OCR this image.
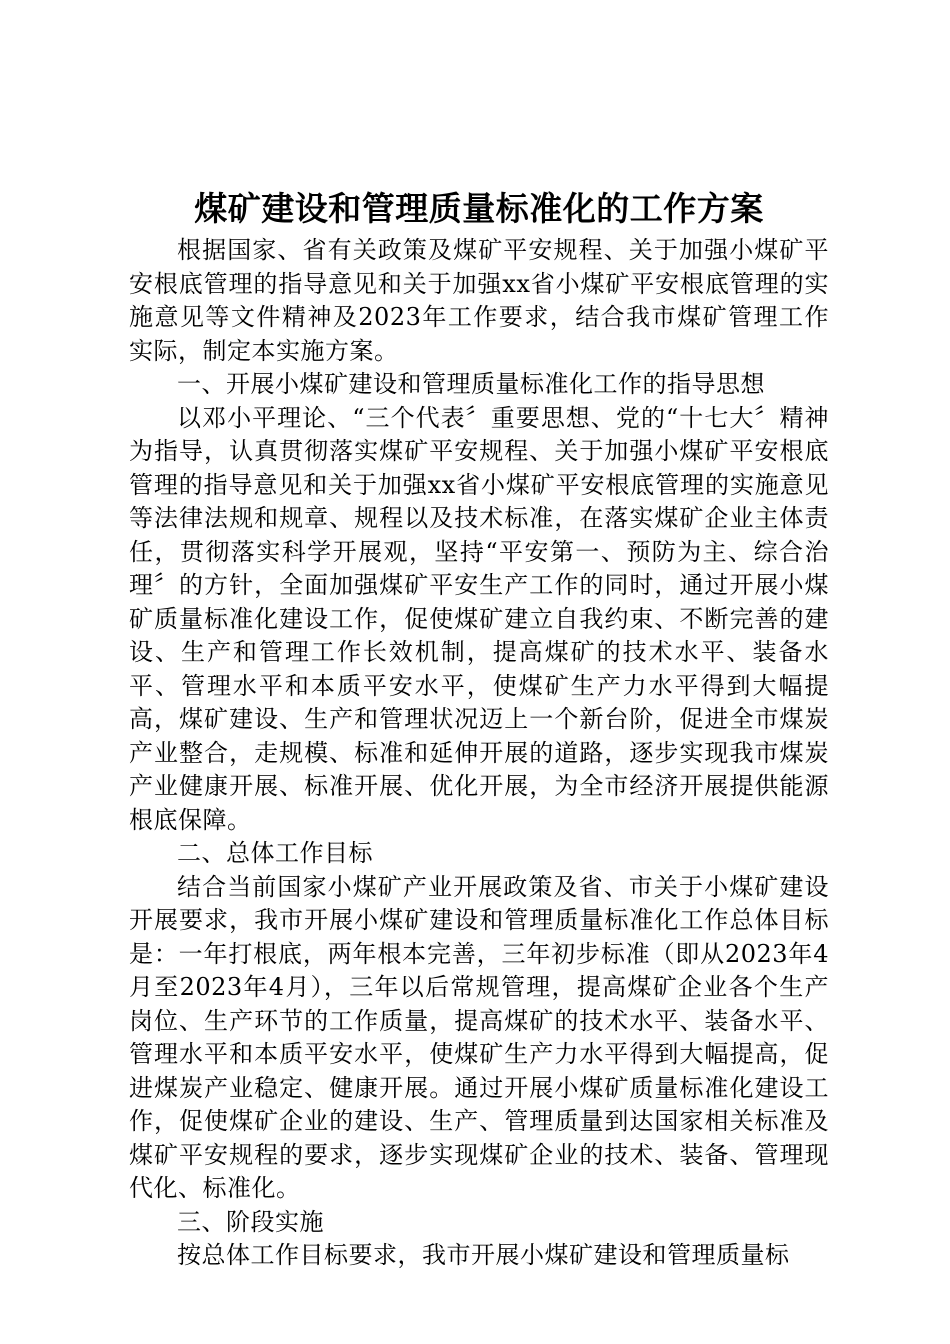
煤矿建设和管理质量标准化的工作方案

根据国家、省有关政策及煤矿平安规程、关于加强小煤矿平安根底管理的指导意见和关于加强xx省小煤矿平安根底管理的实施意见等文件精神及2023年工作要求，结合我市煤矿管理工作实际，制定本实施方案。

一、开展小煤矿建设和管理质量标准化工作的指导思想

以邓小平理论、“三个代表〞重要思想、党的“十七大〞精神为指导，认真贯彻落实煤矿平安规程、关于加强小煤矿平安根底管理的指导意见和关于加强xx省小煤矿平安根底管理的实施意见等法律法规和规章、规程以及技术标准，在落实煤矿企业主体责任，贯彻落实科学开展观，坚持“平安第一、预防为主、综合治理〞的方针，全面加强煤矿平安生产工作的同时，通过开展小煤矿质量标准化建设工作，促使煤矿建立自我约束、不断完善的建设、生产和管理工作长效机制，提高煤矿的技术水平、装备水平、管理水平和本质平安水平，使煤矿生产力水平得到大幅提高，煤矿建设、生产和管理状况迈上一个新台阶，促进全市煤炭产业整合，走规模、标准和延伸开展的道路，逐步实现我市煤炭产业健康开展、标准开展、优化开展，为全市经济开展提供能源根底保障。

二、总体工作目标

结合当前国家小煤矿产业开展政策及省、市关于小煤矿建设开展要求，我市开展小煤矿建设和管理质量标准化工作总体目标是：一年打根底，两年根本完善，三年初步标准（即从2023年4月至2023年4月），三年以后常规管理，提高煤矿企业各个生产岗位、生产环节的工作质量，提高煤矿的技术水平、装备水平、管理水平和本质平安水平，使煤矿生产力水平得到大幅提高，促进煤炭产业稳定、健康开展。通过开展小煤矿质量标准化建设工作，促使煤矿企业的建设、生产、管理质量到达国家相关标准及煤矿平安规程的要求，逐步实现煤矿企业的技术、装备、管理现代化、标准化。

三、阶段实施

按总体工作目标要求，我市开展小煤矿建设和管理质量标
